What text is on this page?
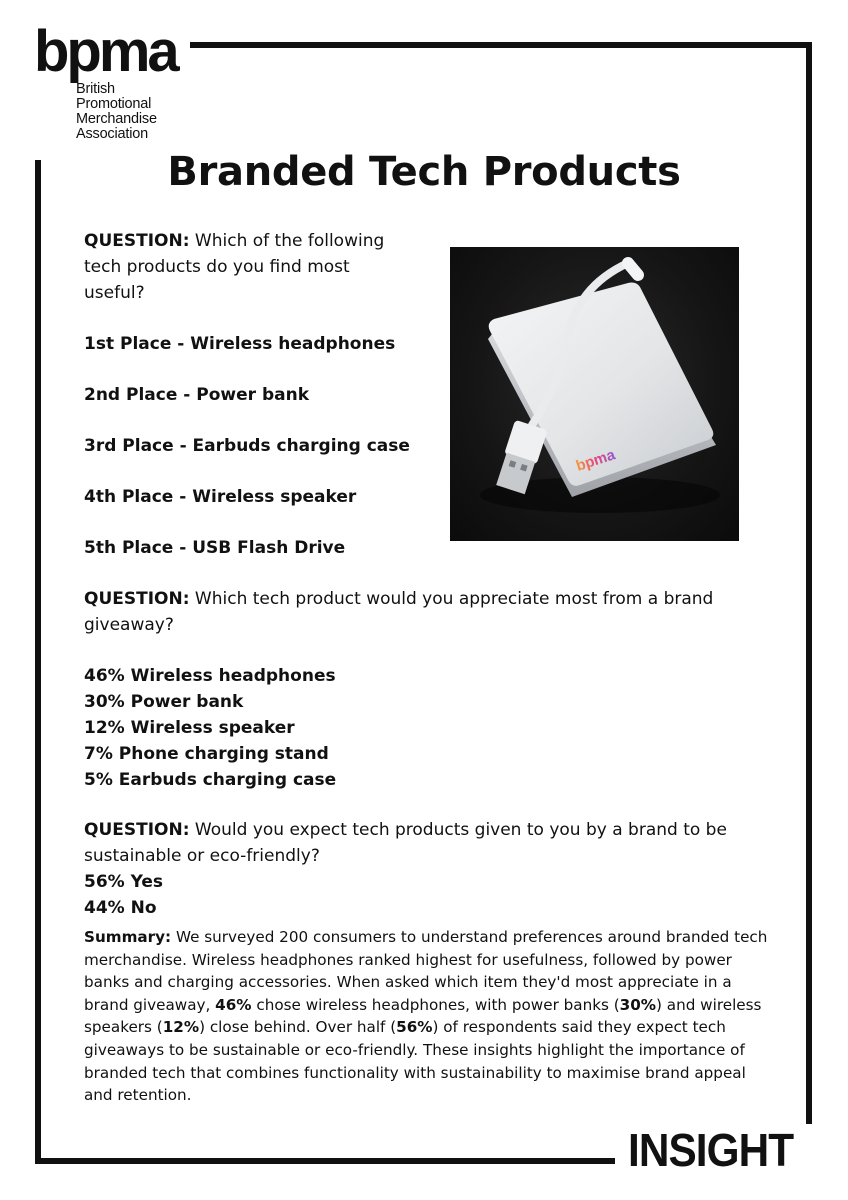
bpma
British
Promotional
Merchandise
Association
Branded Tech Products
bpma

QUESTION: Which of the following tech products do you find most useful?

1st Place - Wireless headphones

2nd Place - Power bank

3rd Place - Earbuds charging case

4th Place - Wireless speaker

5th Place - USB Flash Drive

QUESTION: Which tech product would you appreciate most from a brand giveaway?

46% Wireless headphones

30% Power bank

12% Wireless speaker

7% Phone charging stand

5% Earbuds charging case

QUESTION: Would you expect tech products given to you by a brand to be sustainable or eco-friendly?

56% Yes

44% No

Summary: We surveyed 200 consumers to understand preferences around branded tech merchandise. Wireless headphones ranked highest for usefulness, followed by power banks and charging accessories. When asked which item they'd most appreciate in a brand giveaway, 46% chose wireless headphones, with power banks (30%) and wireless speakers (12%) close behind. Over half (56%) of respondents said they expect tech giveaways to be sustainable or eco-friendly. These insights highlight the importance of branded tech that combines functionality with sustainability to maximise brand appeal and retention.

INSIGHT
